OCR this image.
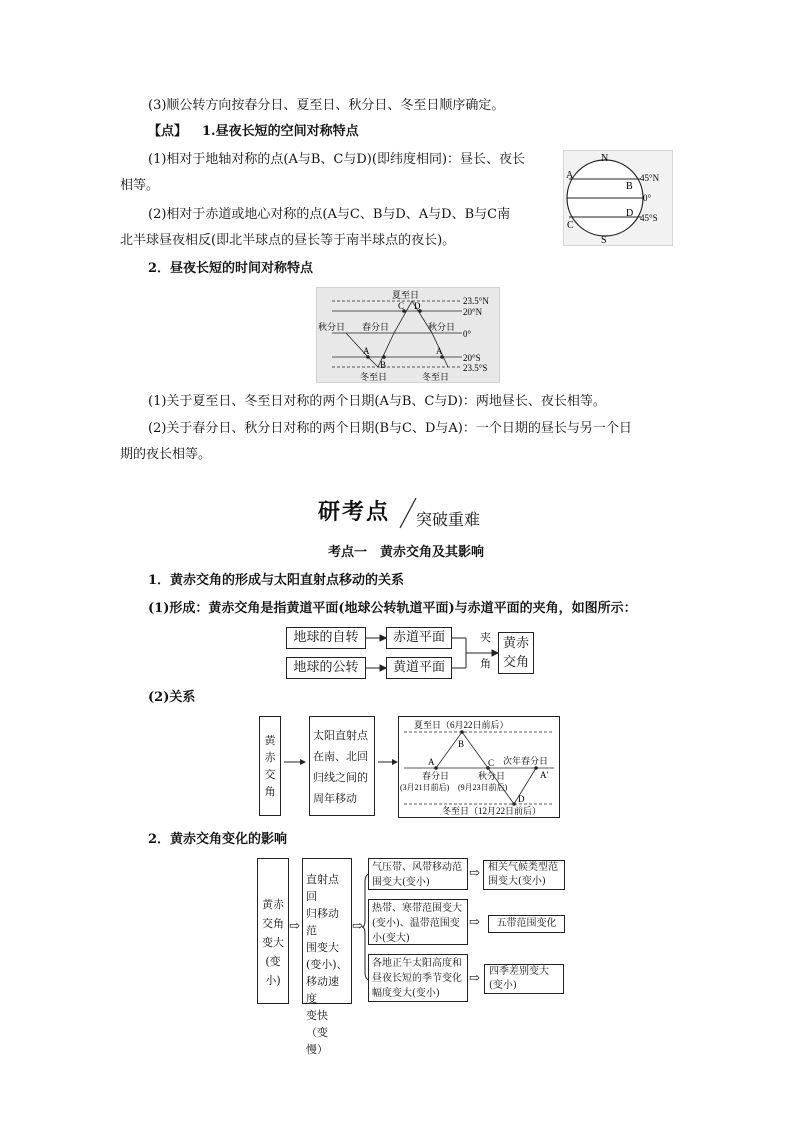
(3)顺公转方向按春分日、夏至日、秋分日、冬至日顺序确定。
【点】 1.昼夜长短的空间对称特点
(1)相对于地轴对称的点(A与B、C与D)(即纬度相同)：昼长、夜长
相等。
(2)相对于赤道或地心对称的点(A与C、B与D、A与D、B与C南
北半球昼夜相反(即北半球点的昼长等于南半球点的夜长)。
2．昼夜长短的时间对称特点
N
S
A
B
C
D
45°N
0°
45°S
夏至日
23.5°N
20°N
0°
20°S
23.5°S
秋分日 春分日	秋分日
冬至日	冬至日
A
B
C D
A
(1)关于夏至日、冬至日对称的两个日期(A与B、C与D)：两地昼长、夜长相等。
(2)关于春分日、秋分日对称的两个日期(B与C、D与A)：一个日期的昼长与另一个日
期的夜长相等。
研考点 突破重难
考点一　黄赤交角及其影响
1．黄赤交角的形成与太阳直射点移动的关系
(1)形成：黄赤交角是指黄道平面(地球公转轨道平面)与赤道平面的夹角，如图所示：
地球的自转	赤道平面
地球的公转	黄道平面
夹
角
黄赤交角
(2)关系
黄赤交角
太阳直射点
在南、北回
归线之间的
周年移动
夏至日（6月22日前后）
A
B
C
D
A′
春分日
(3月21日前后)
秋分日
(9月23日前后)
次年春分日
冬至日（12月22日前后）
2．黄赤交角变化的影响
黄赤
交角
变大
(变小)
⇨
直射点回
归移动范
围变大
(变小)、
移动速度
变快（变
慢）
⇨
气压带、风带移动范
围变大(变小)
热带、寒带范围变大
(变小)、温带范围变
小(变大)
各地正午太阳高度和
昼夜长短的季节变化
幅度变大(变小)
⇨
⇨
⇨
相关气候类型范
围变大(变小)
五带范围变化
四季差别变大
(变小)
